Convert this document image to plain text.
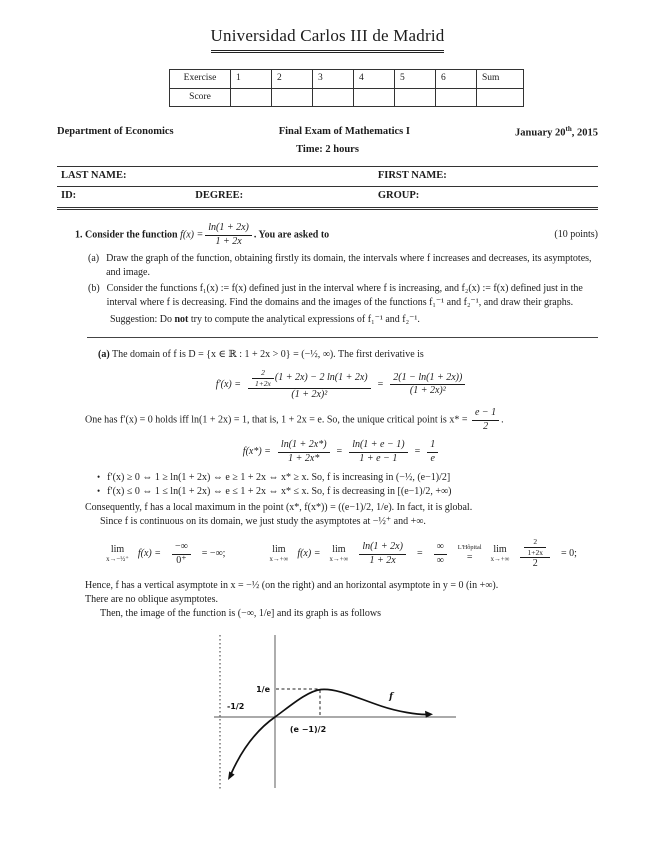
Universidad Carlos III de Madrid
Exercise	1	2	3	4	5	6	Sum
Score							
Department of Economics	Final Exam of Mathematics I	January 20th, 2015
Time: 2 hours
LAST NAME:	FIRST NAME:
ID:	DEGREE:	GROUP:
1. Consider the function $f(x) = \frac{\ln(1 + 2x)}{1 + 2x}$ . You are asked to	(10 points)
(a) Draw the graph of the function, obtaining firstly its domain, the intervals where f increases and decreases, its asymptotes, and image.
(b) Consider the functions f₁(x) := f(x) defined just in the interval where f is increasing, and f₂(x) := f(x) defined just in the interval where f is decreasing. Find the domains and the images of the functions f₁⁻¹ and f₂⁻¹, and draw their graphs.
Suggestion: Do not try to compute the analytical expressions of f₁⁻¹ and f₂⁻¹.
(a) The domain of f is D = {x ∈ ℝ : 1 + 2x > 0} = (−½, ∞). The first derivative is
$f'(x) = \frac{\frac{2}{1+2x} (1 + 2x) - 2 \ln(1 + 2x)}{\text{(1 + 2x)²}} = \frac{2(1 - \ln(1 + 2x))}{\text{(1 + 2x)²}}$
One has f′(x) = 0 holds iff ln(1 + 2x) = 1, that is, 1 + 2x = e. So, the unique critical point is $x* = \frac{e - 1}{2}$ .
$f(x*) = \frac{\ln(1 + 2x*)}{1 + 2x*} = \frac{\ln(1 + e - 1)}{1 + e - 1} = \frac{1}{e}$
• f′(x) ≥ 0 ⇔ 1 ≥ ln(1 + 2x) ⇔ e ≥ 1 + 2x ⇔ x* ≥ x. So, f is increasing in (−½, (e−1)/2]
• f′(x) ≤ 0 ⇔ 1 ≤ ln(1 + 2x) ⇔ e ≤ 1 + 2x ⇔ x* ≤ x. So, f is decreasing in [(e−1)/2, +∞)
Consequently, f has a local maximum in the point (x*, f(x*)) = ((e−1)/2, 1/e). In fact, it is global.
Since f is continuous on its domain, we just study the asymptotes at −½⁺ and +∞.
lim
x→−½⁺
$f(x) = \frac{-\infty}{0^+}$ = −∞;	lim
x→+∞
f(x) = lim
$x\to+\infty \frac{\ln(1 + 2x)}{1 + 2x} = \frac{\infty}{\infty}$ L'Hôpital
=
lim
$x\to+\infty \frac{\frac{2}{1+2x}}{2} = 0$;
Hence, f has a vertical asymptote in x = −½ (on the right) and an horizontal asymptote in y = 0 (in +∞).
There are no oblique asymptotes.
Then, the image of the function is (−∞, 1/e] and its graph is as follows
1/e
-1/2
(e −1)/2
f
